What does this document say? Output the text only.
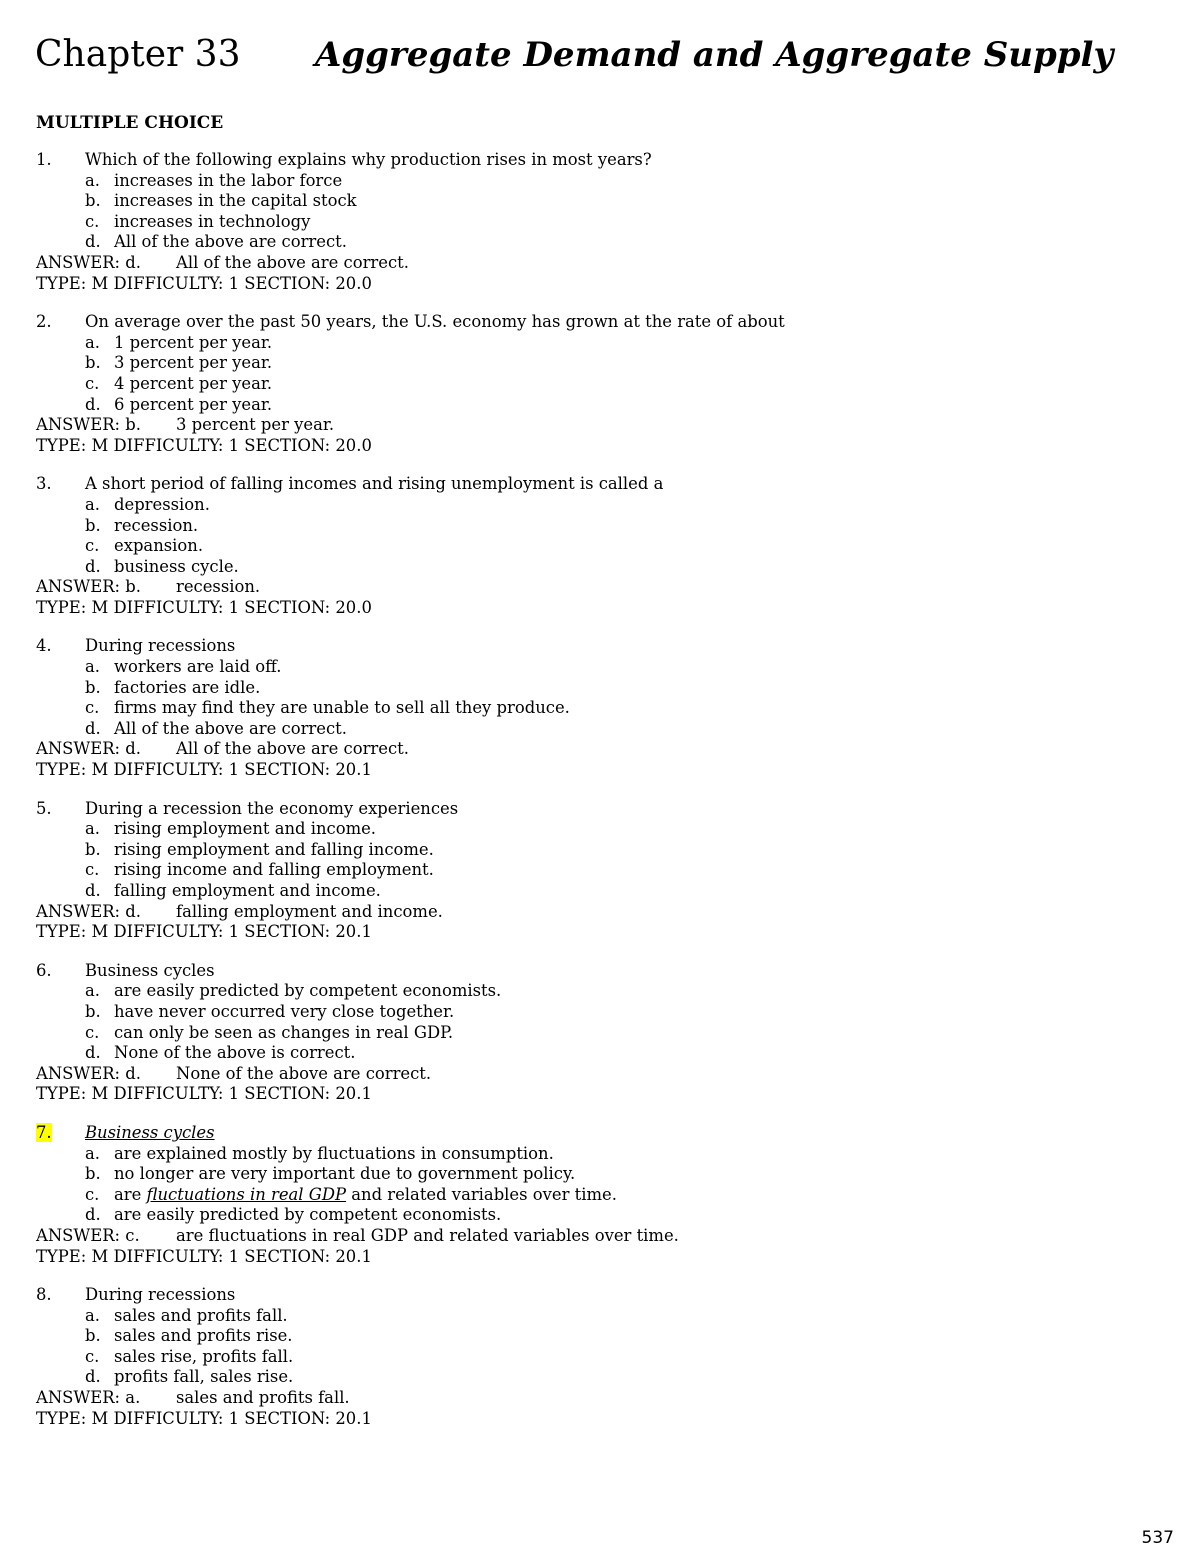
Chapter 33 Aggregate Demand and Aggregate Supply
MULTIPLE CHOICE
1. Which of the following explains why production rises in most years?
a. increases in the labor force
b. increases in the capital stock
c. increases in technology
d. All of the above are correct.
ANSWER: d. All of the above are correct.
TYPE: M DIFFICULTY: 1 SECTION: 20.0
2. On average over the past 50 years, the U.S. economy has grown at the rate of about
a. 1 percent per year.
b. 3 percent per year.
c. 4 percent per year.
d. 6 percent per year.
ANSWER: b. 3 percent per year.
TYPE: M DIFFICULTY: 1 SECTION: 20.0
3. A short period of falling incomes and rising unemployment is called a
a. depression.
b. recession.
c. expansion.
d. business cycle.
ANSWER: b. recession.
TYPE: M DIFFICULTY: 1 SECTION: 20.0
4. During recessions
a. workers are laid off.
b. factories are idle.
c. firms may find they are unable to sell all they produce.
d. All of the above are correct.
ANSWER: d. All of the above are correct.
TYPE: M DIFFICULTY: 1 SECTION: 20.1
5. During a recession the economy experiences
a. rising employment and income.
b. rising employment and falling income.
c. rising income and falling employment.
d. falling employment and income.
ANSWER: d. falling employment and income.
TYPE: M DIFFICULTY: 1 SECTION: 20.1
6. Business cycles
a. are easily predicted by competent economists.
b. have never occurred very close together.
c. can only be seen as changes in real GDP.
d. None of the above is correct.
ANSWER: d. None of the above are correct.
TYPE: M DIFFICULTY: 1 SECTION: 20.1
7. Business cycles
a. are explained mostly by fluctuations in consumption.
b. no longer are very important due to government policy.
c. are fluctuations in real GDP and related variables over time.
d. are easily predicted by competent economists.
ANSWER: c. are fluctuations in real GDP and related variables over time.
TYPE: M DIFFICULTY: 1 SECTION: 20.1
8. During recessions
a. sales and profits fall.
b. sales and profits rise.
c. sales rise, profits fall.
d. profits fall, sales rise.
ANSWER: a. sales and profits fall.
TYPE: M DIFFICULTY: 1 SECTION: 20.1
537
